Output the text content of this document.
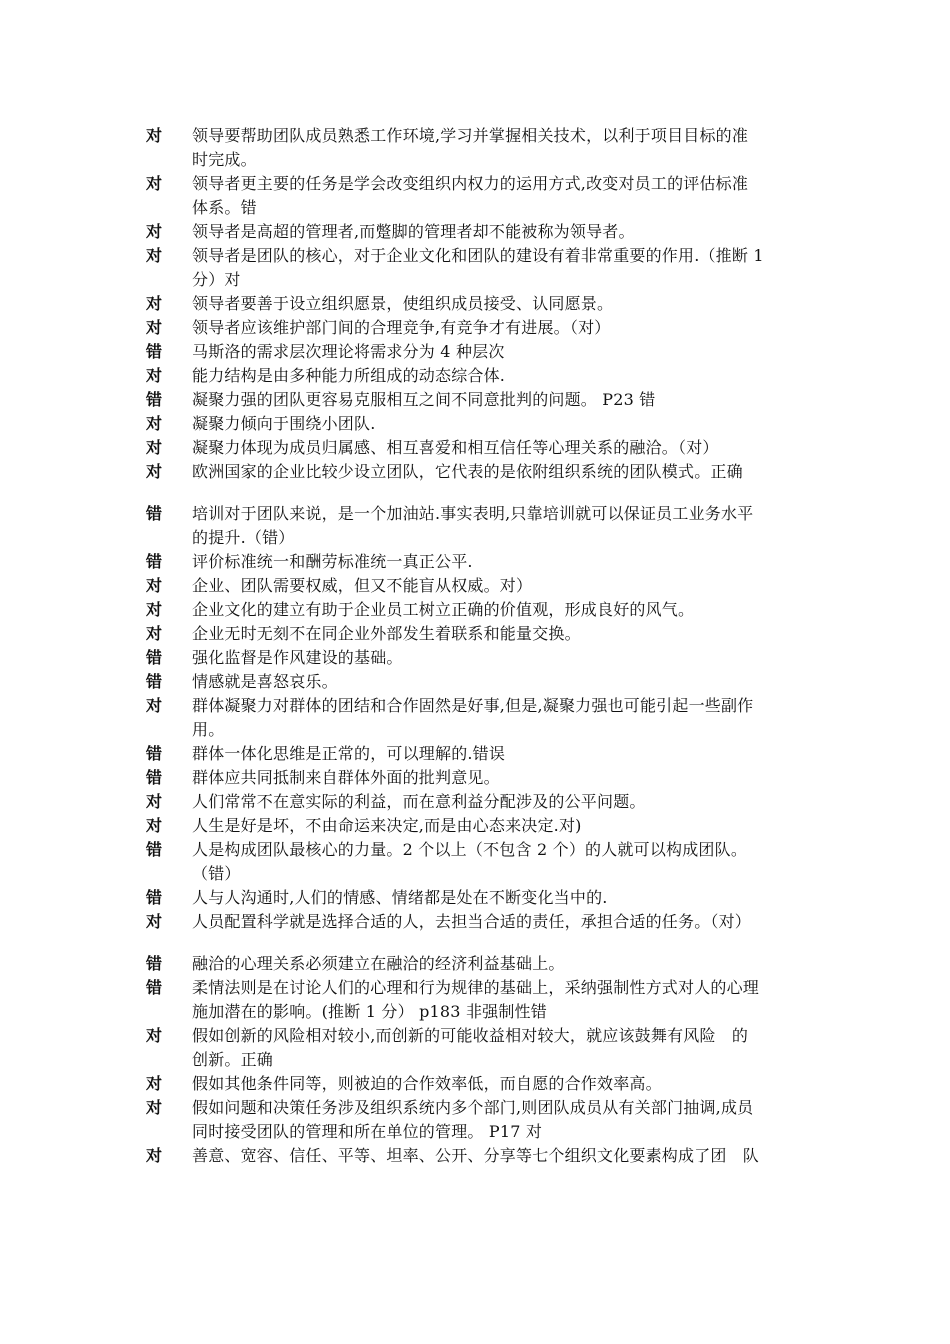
对	领导要帮助团队成员熟悉工作环境,学习并掌握相关技术，以利于项目目标的准
时完成。
对	领导者更主要的任务是学会改变组织内权力的运用方式,改变对员工的评估标准
体系。错
对	领导者是高超的管理者,而蹩脚的管理者却不能被称为领导者。
对	领导者是团队的核心，对于企业文化和团队的建设有着非常重要的作用.（推断 1
分）对
对	领导者要善于设立组织愿景，使组织成员接受、认同愿景。
对	领导者应该维护部门间的合理竞争,有竞争才有进展。（对）
错	马斯洛的需求层次理论将需求分为 4 种层次
对	能力结构是由多种能力所组成的动态综合体.
错	凝聚力强的团队更容易克服相互之间不同意批判的问题。 P23 错
对	凝聚力倾向于围绕小团队.
对	凝聚力体现为成员归属感、相互喜爱和相互信任等心理关系的融洽。（对）
对	欧洲国家的企业比较少设立团队，它代表的是依附组织系统的团队模式。正确
错	培训对于团队来说，是一个加油站.事实表明,只靠培训就可以保证员工业务水平
的提升.（错）
错	评价标准统一和酬劳标准统一真正公平.
对	企业、团队需要权威，但又不能盲从权威。对）
对	企业文化的建立有助于企业员工树立正确的价值观，形成良好的风气。
对	企业无时无刻不在同企业外部发生着联系和能量交换。
错	强化监督是作风建设的基础。
错	情感就是喜怒哀乐。
对	群体凝聚力对群体的团结和合作固然是好事,但是,凝聚力强也可能引起一些副作
用。
错	群体一体化思维是正常的，可以理解的.错误
错	群体应共同抵制来自群体外面的批判意见。
对	人们常常不在意实际的利益，而在意利益分配涉及的公平问题。
对	人生是好是坏，不由命运来决定,而是由心态来决定.对)
错	人是构成团队最核心的力量。2 个以上（不包含 2 个）的人就可以构成团队。
（错）
错	人与人沟通时,人们的情感、情绪都是处在不断变化当中的.
对	人员配置科学就是选择合适的人，去担当合适的责任，承担合适的任务。（对）
错	融洽的心理关系必须建立在融洽的经济利益基础上。
错	柔情法则是在讨论人们的心理和行为规律的基础上，采纳强制性方式对人的心理
施加潜在的影响。(推断 1 分） p183 非强制性错
对	假如创新的风险相对较小,而创新的可能收益相对较大，就应该鼓舞有风险　的
创新。正确
对	假如其他条件同等，则被迫的合作效率低，而自愿的合作效率高。
对	假如问题和决策任务涉及组织系统内多个部门,则团队成员从有关部门抽调,成员
同时接受团队的管理和所在单位的管理。 P17 对
对	善意、宽容、信任、平等、坦率、公开、分享等七个组织文化要素构成了团　队
